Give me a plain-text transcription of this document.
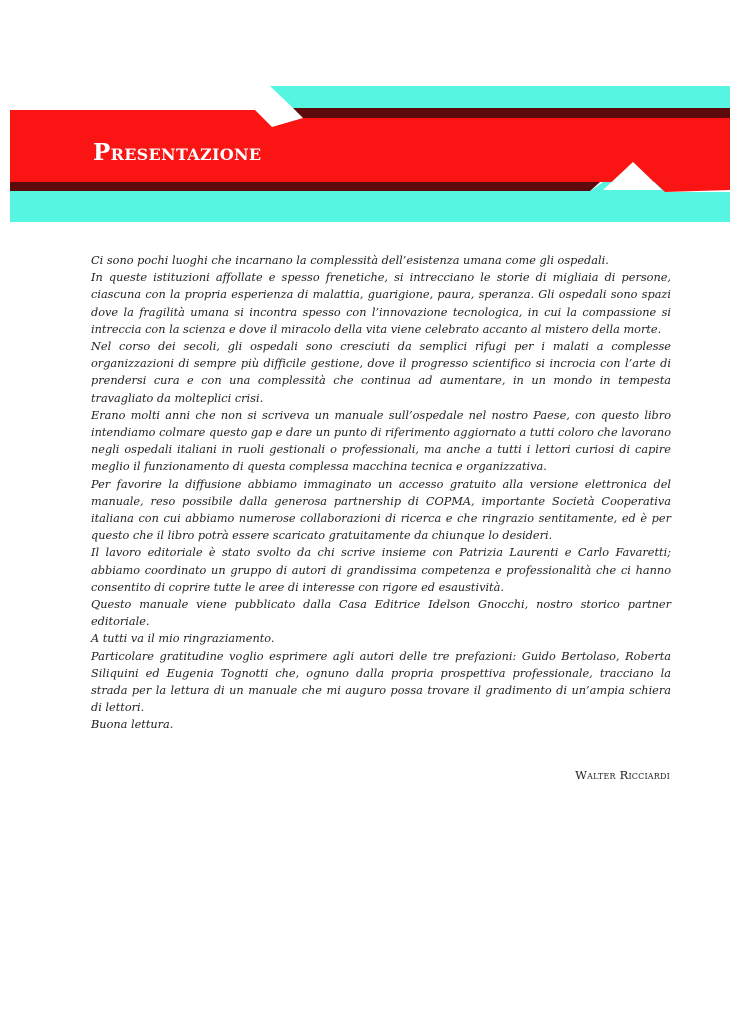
Presentazione

Ci sono pochi luoghi che incarnano la complessità dell’esistenza umana come gli ospedali.

In queste istituzioni affollate e spesso frenetiche, si intrecciano le storie di migliaia di persone, ciascuna con la propria esperienza di malattia, guarigione, paura, speranza. Gli ospedali sono spazi dove la fragilità umana si incontra spesso con l’innovazione tecnologica, in cui la compassione si intreccia con la scienza e dove il miracolo della vita viene celebrato accanto al mistero della morte.

Nel corso dei secoli, gli ospedali sono cresciuti da semplici rifugi per i malati a complesse organizzazioni di sempre più difficile gestione, dove il progresso scientifico si incrocia con l’arte di prendersi cura e con una complessità che continua ad aumentare, in un mondo in tempesta travagliato da molteplici crisi.

Erano molti anni che non si scriveva un manuale sull’ospedale nel nostro Paese, con questo libro intendiamo colmare questo gap e dare un punto di riferimento aggiornato a tutti coloro che lavorano negli ospedali italiani in ruoli gestionali o professionali, ma anche a tutti i lettori curiosi di capire meglio il funzionamento di questa complessa macchina tecnica e organizzativa.

Per favorire la diffusione abbiamo immaginato un accesso gratuito alla versione elettronica del manuale, reso possibile dalla generosa partnership di COPMA, importante Società Cooperativa italiana con cui abbiamo numerose collaborazioni di ricerca e che ringrazio sentitamente, ed è per questo che il libro potrà essere scaricato gratuitamente da chiunque lo desideri.

Il lavoro editoriale è stato svolto da chi scrive insieme con Patrizia Laurenti e Carlo Favaretti; abbiamo coordinato un gruppo di autori di grandissima competenza e professionalità che ci hanno consentito di coprire tutte le aree di interesse con rigore ed esaustività.

Questo manuale viene pubblicato dalla Casa Editrice Idelson Gnocchi, nostro storico partner editoriale.

A tutti va il mio ringraziamento.

Particolare gratitudine voglio esprimere agli autori delle tre prefazioni: Guido Bertolaso, Roberta Siliquini ed Eugenia Tognotti che, ognuno dalla propria prospettiva professionale, tracciano la strada per la lettura di un manuale che mi auguro possa trovare il gradimento di un’ampia schiera di lettori.

Buona lettura.

Walter Ricciardi
